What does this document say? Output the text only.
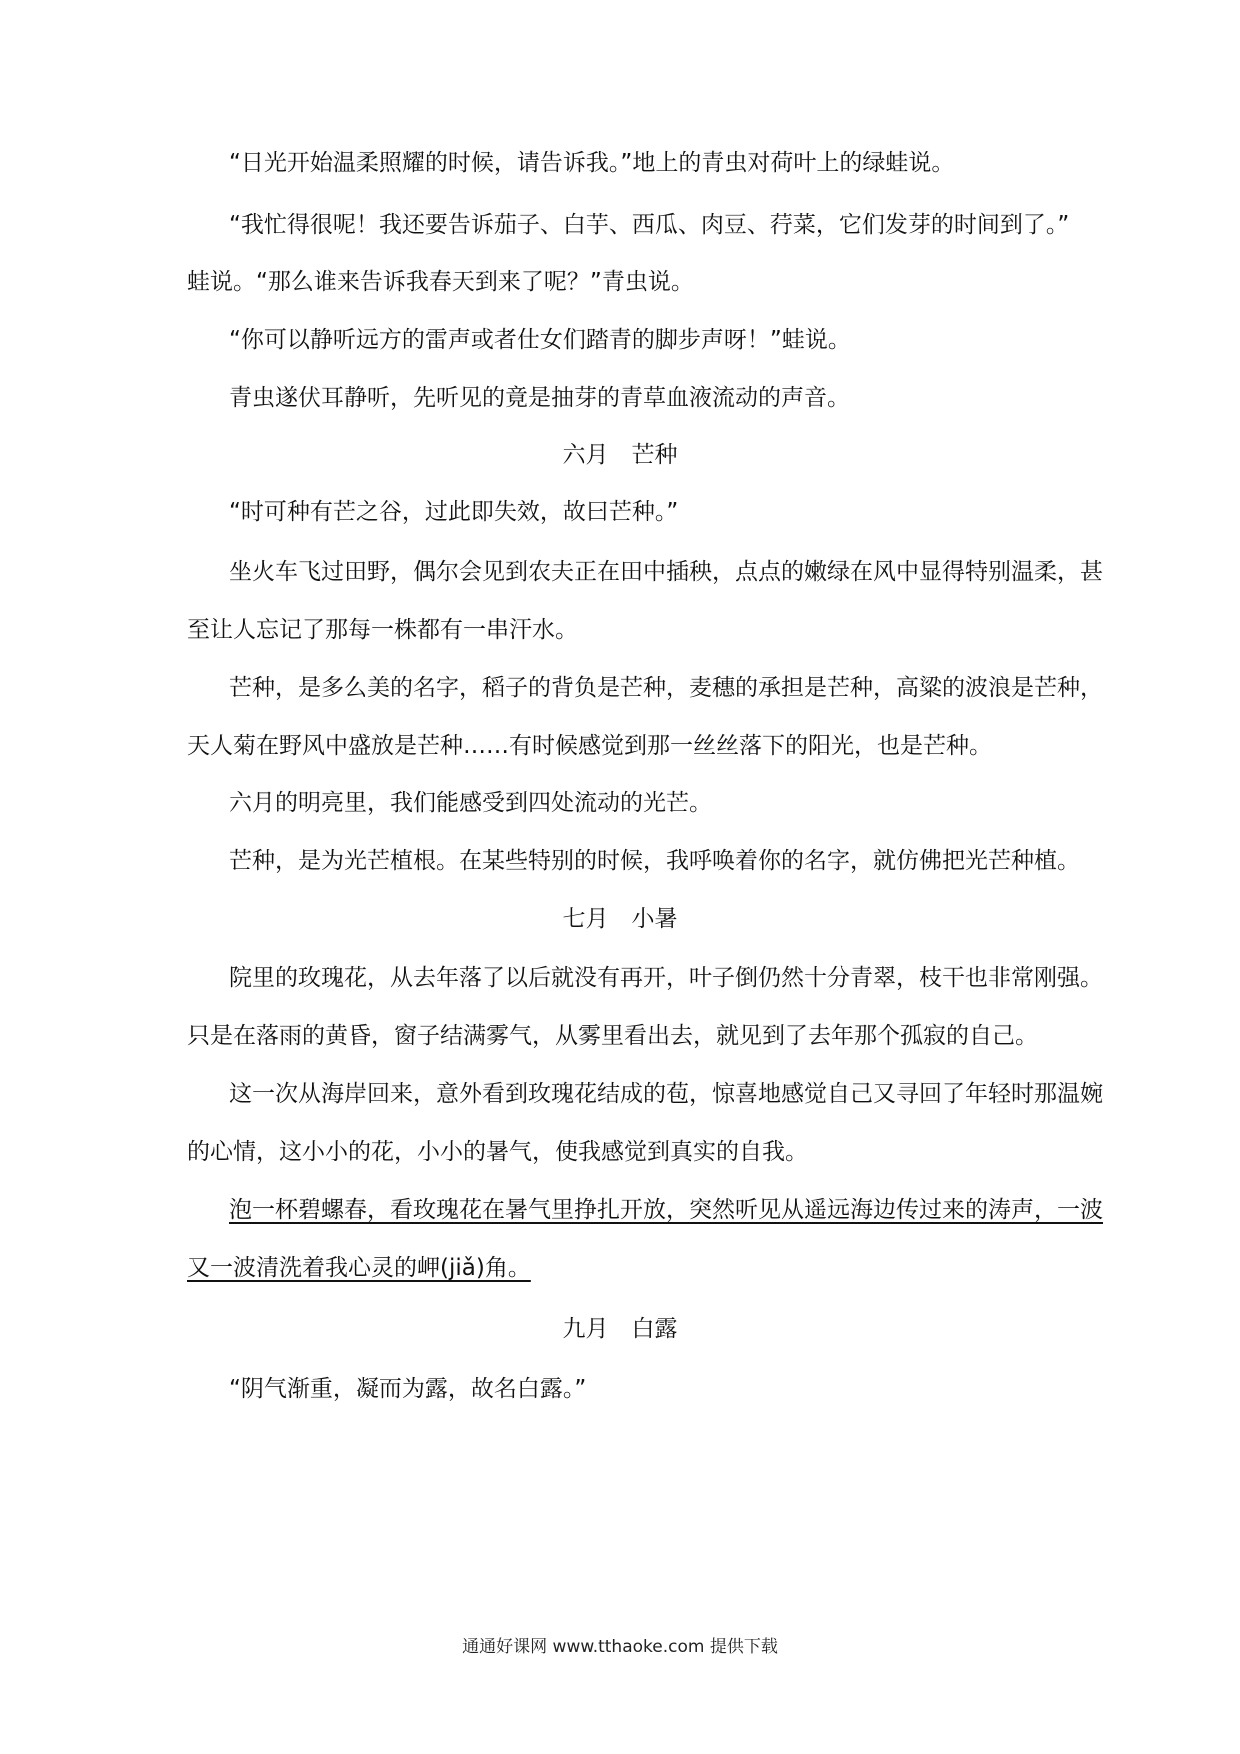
“日光开始温柔照耀的时候，请告诉我。”地上的青虫对荷叶上的绿蛙说。
“我忙得很呢！我还要告诉茄子、白芋、西瓜、肉豆、荇菜，它们发芽的时间到了。”
蛙说。“那么谁来告诉我春天到来了呢？”青虫说。
“你可以静听远方的雷声或者仕女们踏青的脚步声呀！”蛙说。
青虫遂伏耳静听，先听见的竟是抽芽的青草血液流动的声音。
六月　芒种
“时可种有芒之谷，过此即失效，故曰芒种。”
坐火车飞过田野，偶尔会见到农夫正在田中插秧，点点的嫩绿在风中显得特别温柔，甚
至让人忘记了那每一株都有一串汗水。
芒种，是多么美的名字，稻子的背负是芒种，麦穗的承担是芒种，高粱的波浪是芒种，
天人菊在野风中盛放是芒种……有时候感觉到那一丝丝落下的阳光，也是芒种。
六月的明亮里，我们能感受到四处流动的光芒。
芒种，是为光芒植根。在某些特别的时候，我呼唤着你的名字，就仿佛把光芒种植。
七月　小暑
院里的玫瑰花，从去年落了以后就没有再开，叶子倒仍然十分青翠，枝干也非常刚强。
只是在落雨的黄昏，窗子结满雾气，从雾里看出去，就见到了去年那个孤寂的自己。
这一次从海岸回来，意外看到玫瑰花结成的苞，惊喜地感觉自己又寻回了年轻时那温婉
的心情，这小小的花，小小的暑气，使我感觉到真实的自我。
泡一杯碧螺春，看玫瑰花在暑气里挣扎开放，突然听见从遥远海边传过来的涛声，一波
又一波清洗着我心灵的岬(jiǎ)角。
九月　白露
“阴气渐重，凝而为露，故名白露。”
通通好课网 www.tthaoke.com 提供下载
